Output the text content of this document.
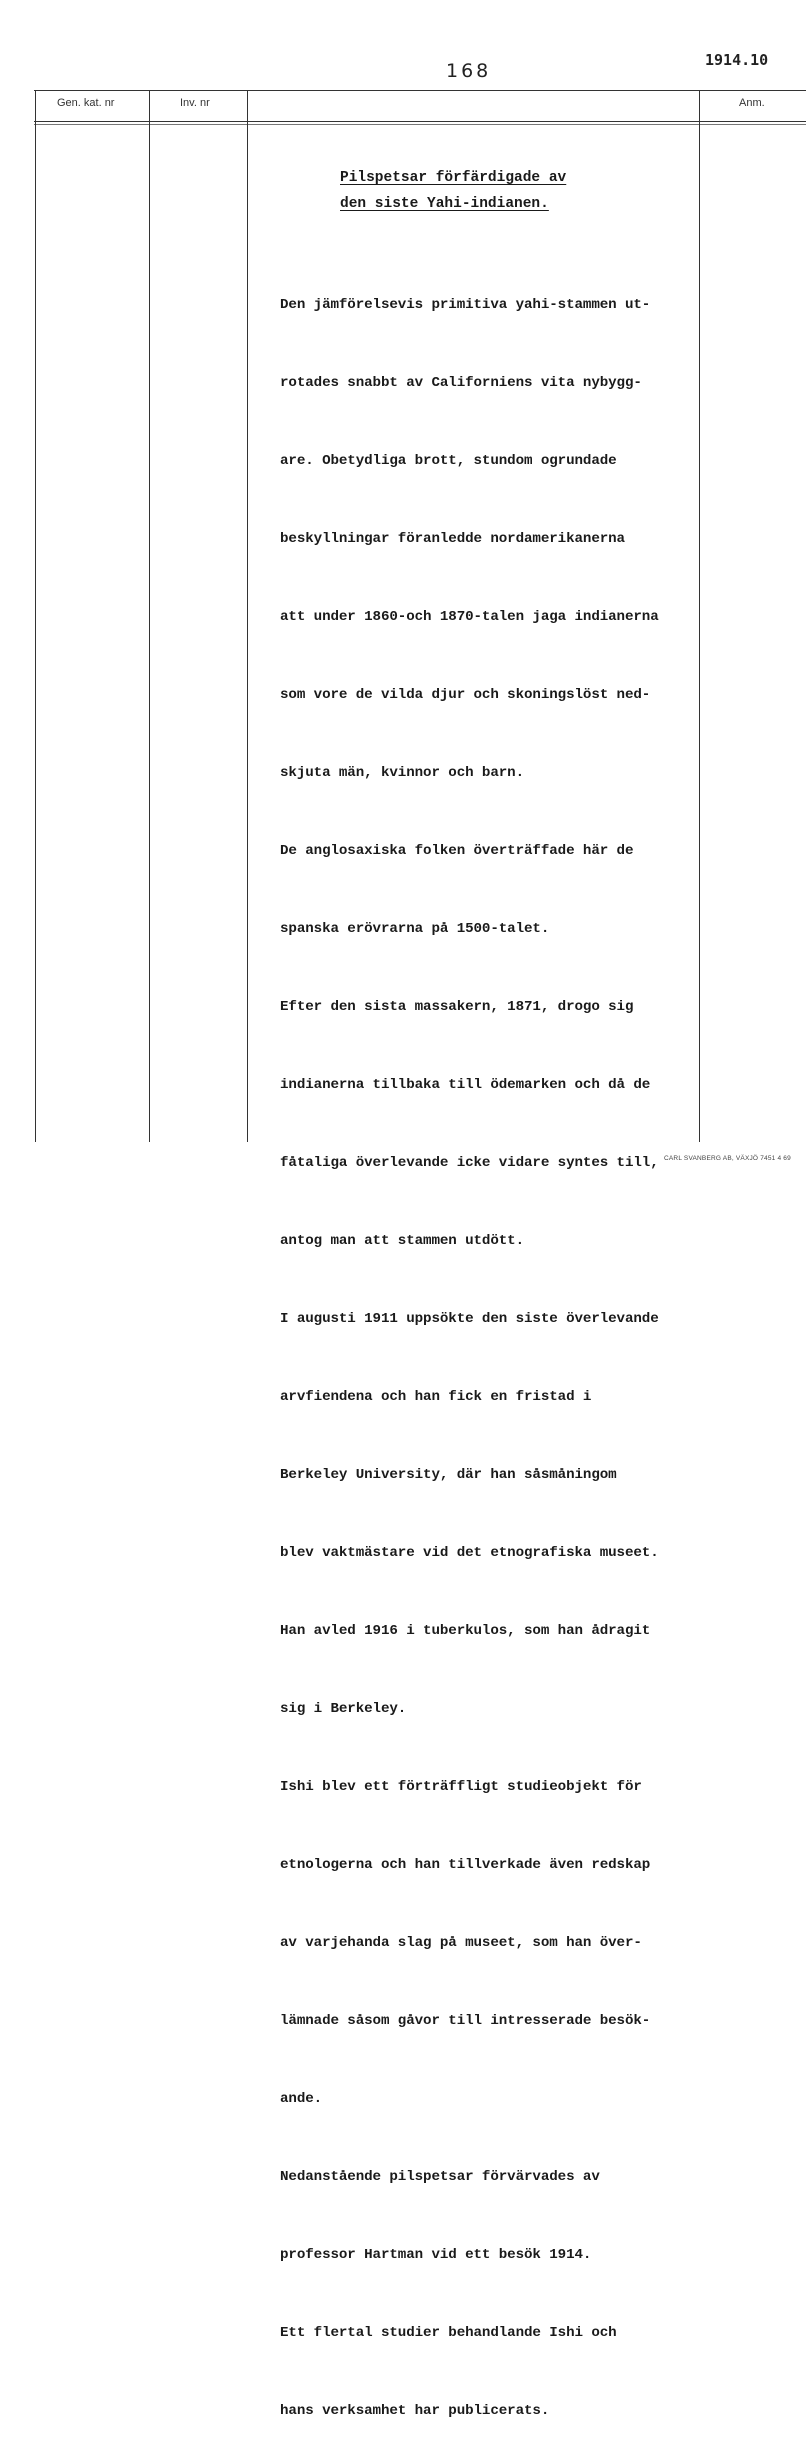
168	1914.10
Gen. kat. nr	Inv. nr	Anm.
Pilspetsar förfärdigade av
den siste Yahi-indianen.

Den jämförelsevis primitiva yahi-stammen ut-

rotades snabbt av Californiens vita nybygg-

are. Obetydliga brott, stundom ogrundade

beskyllningar föranledde nordamerikanerna

att under 1860-och 1870-talen jaga indianerna

som vore de vilda djur och skoningslöst ned-

skjuta män, kvinnor och barn.

De anglosaxiska folken överträffade här de

spanska erövrarna på 1500-talet.

Efter den sista massakern, 1871, drogo sig

indianerna tillbaka till ödemarken och då de

fåtaliga överlevande icke vidare syntes till,

antog man att stammen utdött.

I augusti 1911 uppsökte den siste överlevande

arvfiendena och han fick en fristad i

Berkeley University, där han såsmåningom

blev vaktmästare vid det etnografiska museet.

Han avled 1916 i tuberkulos, som han ådragit

sig i Berkeley.

Ishi blev ett förträffligt studieobjekt för

etnologerna och han tillverkade även redskap

av varjehanda slag på museet, som han över-

lämnade såsom gåvor till intresserade besök-

ande.

Nedanstående pilspetsar förvärvades av

professor Hartman vid ett besök 1914.

Ett flertal studier behandlande Ishi och

hans verksamhet har publicerats.

CARL SVANBERG AB, VÄXJÖ 7451 4 69
